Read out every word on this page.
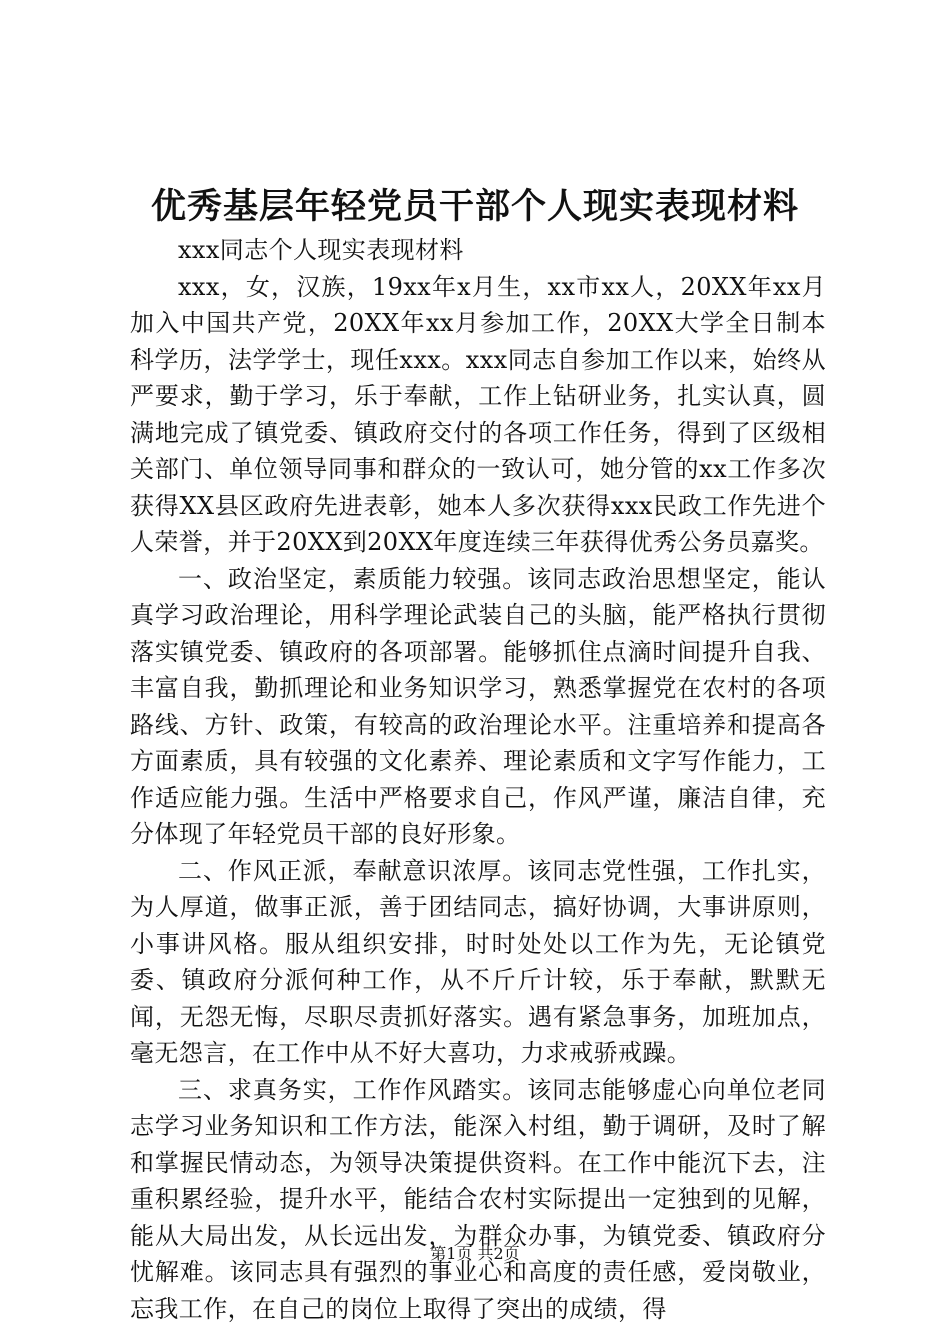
优秀基层年轻党员干部个人现实表现材料

xxx同志个人现实表现材料

xxx，女，汉族，19xx年x月生，xx市xx人，20XX年xx月加入中国共产党，20XX年xx月参加工作，20XX大学全日制本科学历，法学学士，现任xxx。xxx同志自参加工作以来，始终从严要求，勤于学习，乐于奉献，工作上钻研业务，扎实认真，圆满地完成了镇党委、镇政府交付的各项工作任务，得到了区级相关部门、单位领导同事和群众的一致认可，她分管的xx工作多次获得XX县区政府先进表彰，她本人多次获得xxx民政工作先进个人荣誉，并于20XX到20XX年度连续三年获得优秀公务员嘉奖。

一、政治坚定，素质能力较强。该同志政治思想坚定，能认真学习政治理论，用科学理论武装自己的头脑，能严格执行贯彻落实镇党委、镇政府的各项部署。能够抓住点滴时间提升自我、丰富自我，勤抓理论和业务知识学习，熟悉掌握党在农村的各项路线、方针、政策，有较高的政治理论水平。注重培养和提高各方面素质，具有较强的文化素养、理论素质和文字写作能力，工作适应能力强。生活中严格要求自己，作风严谨，廉洁自律，充分体现了年轻党员干部的良好形象。

二、作风正派，奉献意识浓厚。该同志党性强，工作扎实，为人厚道，做事正派，善于团结同志，搞好协调，大事讲原则，小事讲风格。服从组织安排，时时处处以工作为先，无论镇党委、镇政府分派何种工作，从不斤斤计较，乐于奉献，默默无闻，无怨无悔，尽职尽责抓好落实。遇有紧急事务，加班加点，毫无怨言，在工作中从不好大喜功，力求戒骄戒躁。

三、求真务实，工作作风踏实。该同志能够虚心向单位老同志学习业务知识和工作方法，能深入村组，勤于调研，及时了解和掌握民情动态，为领导决策提供资料。在工作中能沉下去，注重积累经验，提升水平，能结合农村实际提出一定独到的见解，能从大局出发，从长远出发，为群众办事，为镇党委、镇政府分忧解难。该同志具有强烈的事业心和高度的责任感，爱岗敬业，忘我工作，在自己的岗位上取得了突出的成绩，得

第1页 共2页
